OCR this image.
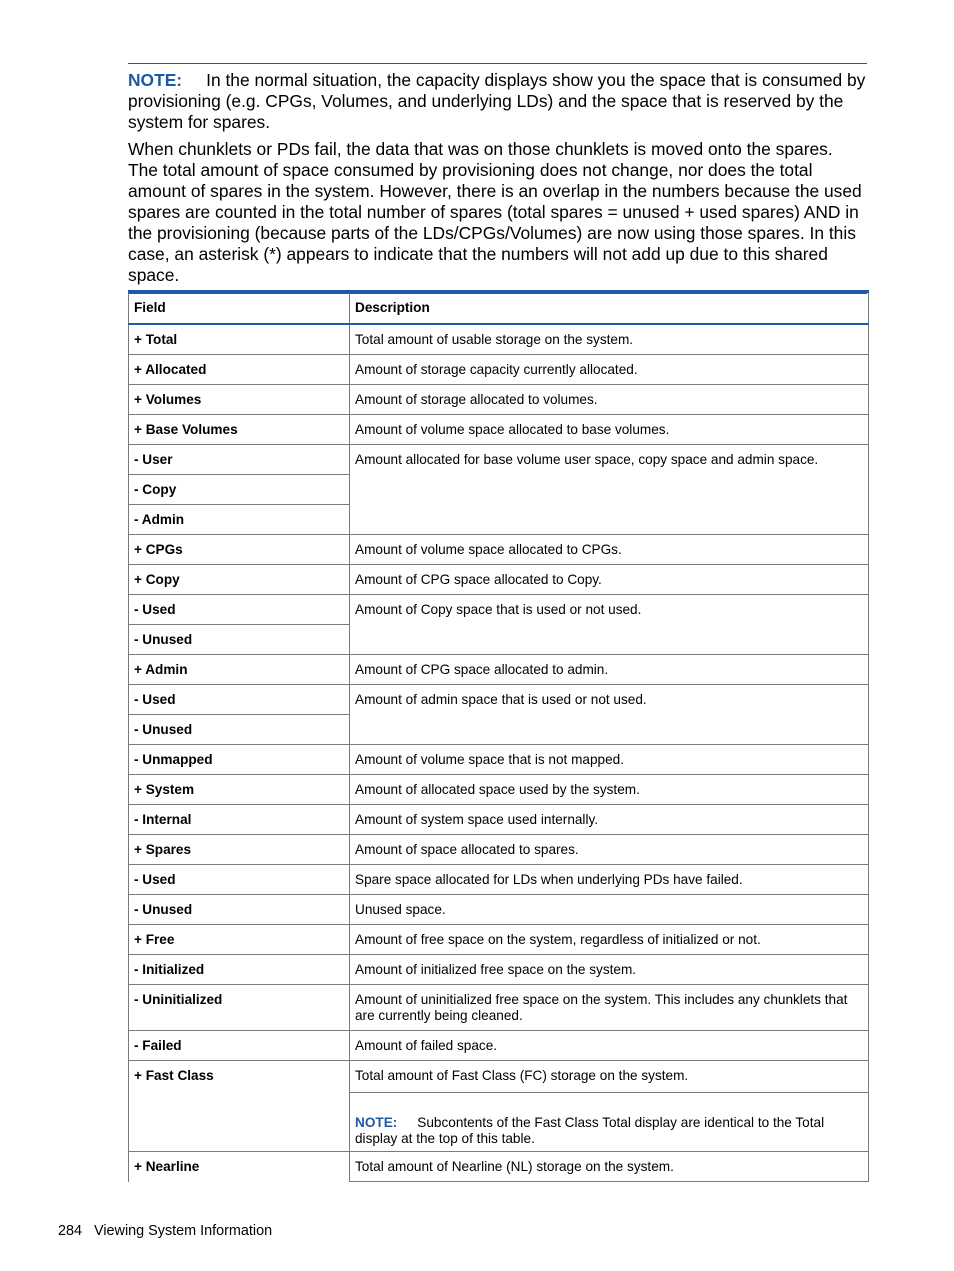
NOTE: In the normal situation, the capacity displays show you the space that is consumed by provisioning (e.g. CPGs, Volumes, and underlying LDs) and the space that is reserved by the system for spares.

When chunklets or PDs fail, the data that was on those chunklets is moved onto the spares. The total amount of space consumed by provisioning does not change, nor does the total amount of spares in the system. However, there is an overlap in the numbers because the used spares are counted in the total number of spares (total spares = unused + used spares) AND in the provisioning (because parts of the LDs/CPGs/Volumes) are now using those spares. In this case, an asterisk (*) appears to indicate that the numbers will not add up due to this shared space.

Field	Description
+ Total	Total amount of usable storage on the system.
+ Allocated	Amount of storage capacity currently allocated.
+ Volumes	Amount of storage allocated to volumes.
+ Base Volumes	Amount of volume space allocated to base volumes.
- User	Amount allocated for base volume user space, copy space and admin space.
- Copy	
- Admin	
+ CPGs	Amount of volume space allocated to CPGs.
+ Copy	Amount of CPG space allocated to Copy.
- Used	Amount of Copy space that is used or not used.
- Unused	
+ Admin	Amount of CPG space allocated to admin.
- Used	Amount of admin space that is used or not used.
- Unused	
- Unmapped	Amount of volume space that is not mapped.
+ System	Amount of allocated space used by the system.
- Internal	Amount of system space used internally.
+ Spares	Amount of space allocated to spares.
- Used	Spare space allocated for LDs when underlying PDs have failed.
- Unused	Unused space.
+ Free	Amount of free space on the system, regardless of initialized or not.
- Initialized	Amount of initialized free space on the system.
- Uninitialized	Amount of uninitialized free space on the system. This includes any chunklets that are currently being cleaned.
- Failed	Amount of failed space.
+ Fast Class	Total amount of Fast Class (FC) storage on the system.
NOTE: Subcontents of the Fast Class Total display are identical to the Total display at the top of this table.

+ Nearline	Total amount of Nearline (NL) storage on the system.
284 Viewing System Information
